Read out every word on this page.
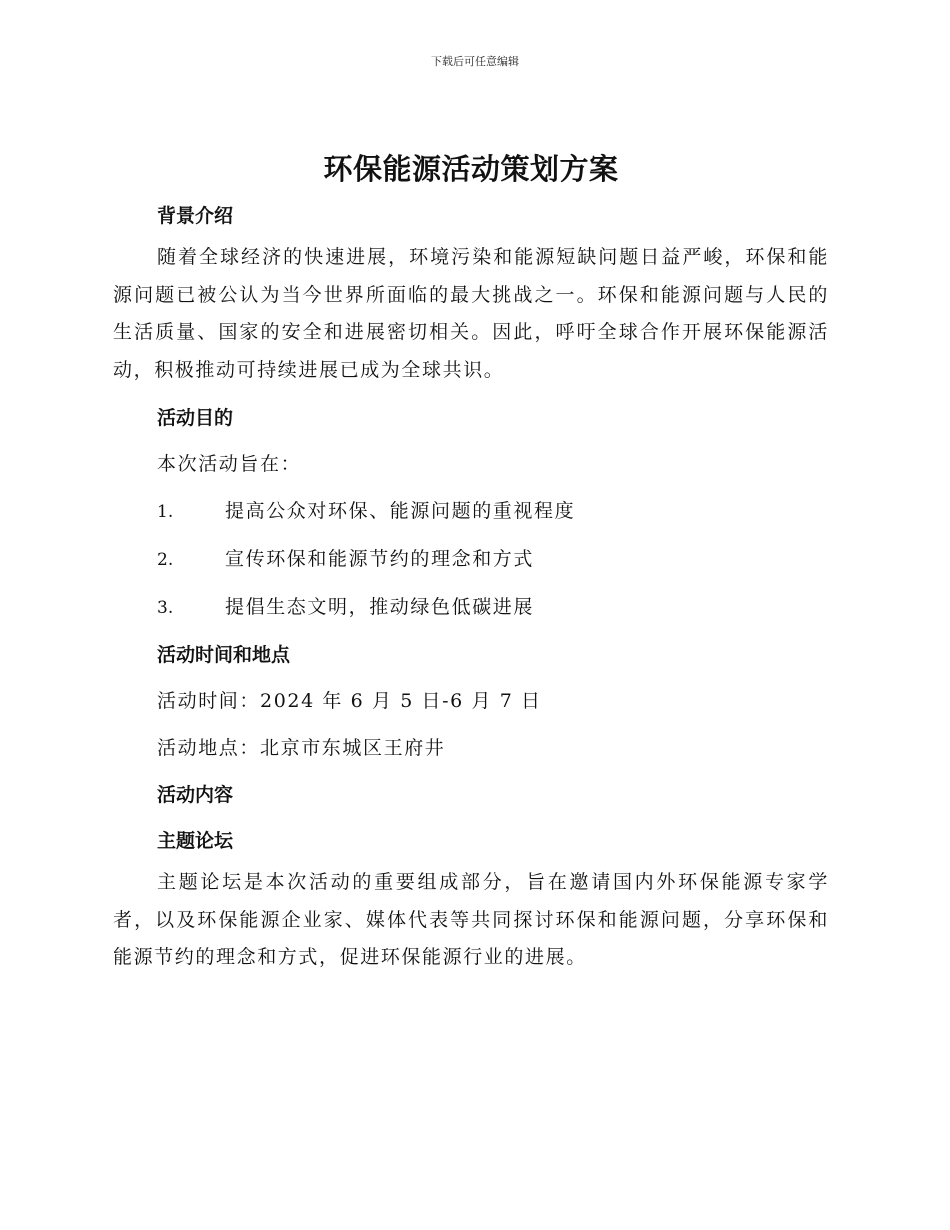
下载后可任意编辑
环保能源活动策划方案
背景介绍

随着全球经济的快速进展，环境污染和能源短缺问题日益严峻，环保和能源问题已被公认为当今世界所面临的最大挑战之一。环保和能源问题与人民的生活质量、国家的安全和进展密切相关。因此，呼吁全球合作开展环保能源活动，积极推动可持续进展已成为全球共识。

活动目的

本次活动旨在：

1.	提高公众对环保、能源问题的重视程度
2.	宣传环保和能源节约的理念和方式
3.	提倡生态文明，推动绿色低碳进展
活动时间和地点

活动时间：2024 年 6 月 5 日-6 月 7 日

活动地点：北京市东城区王府井

活动内容
主题论坛

主题论坛是本次活动的重要组成部分，旨在邀请国内外环保能源专家学者，以及环保能源企业家、媒体代表等共同探讨环保和能源问题，分享环保和能源节约的理念和方式，促进环保能源行业的进展。
